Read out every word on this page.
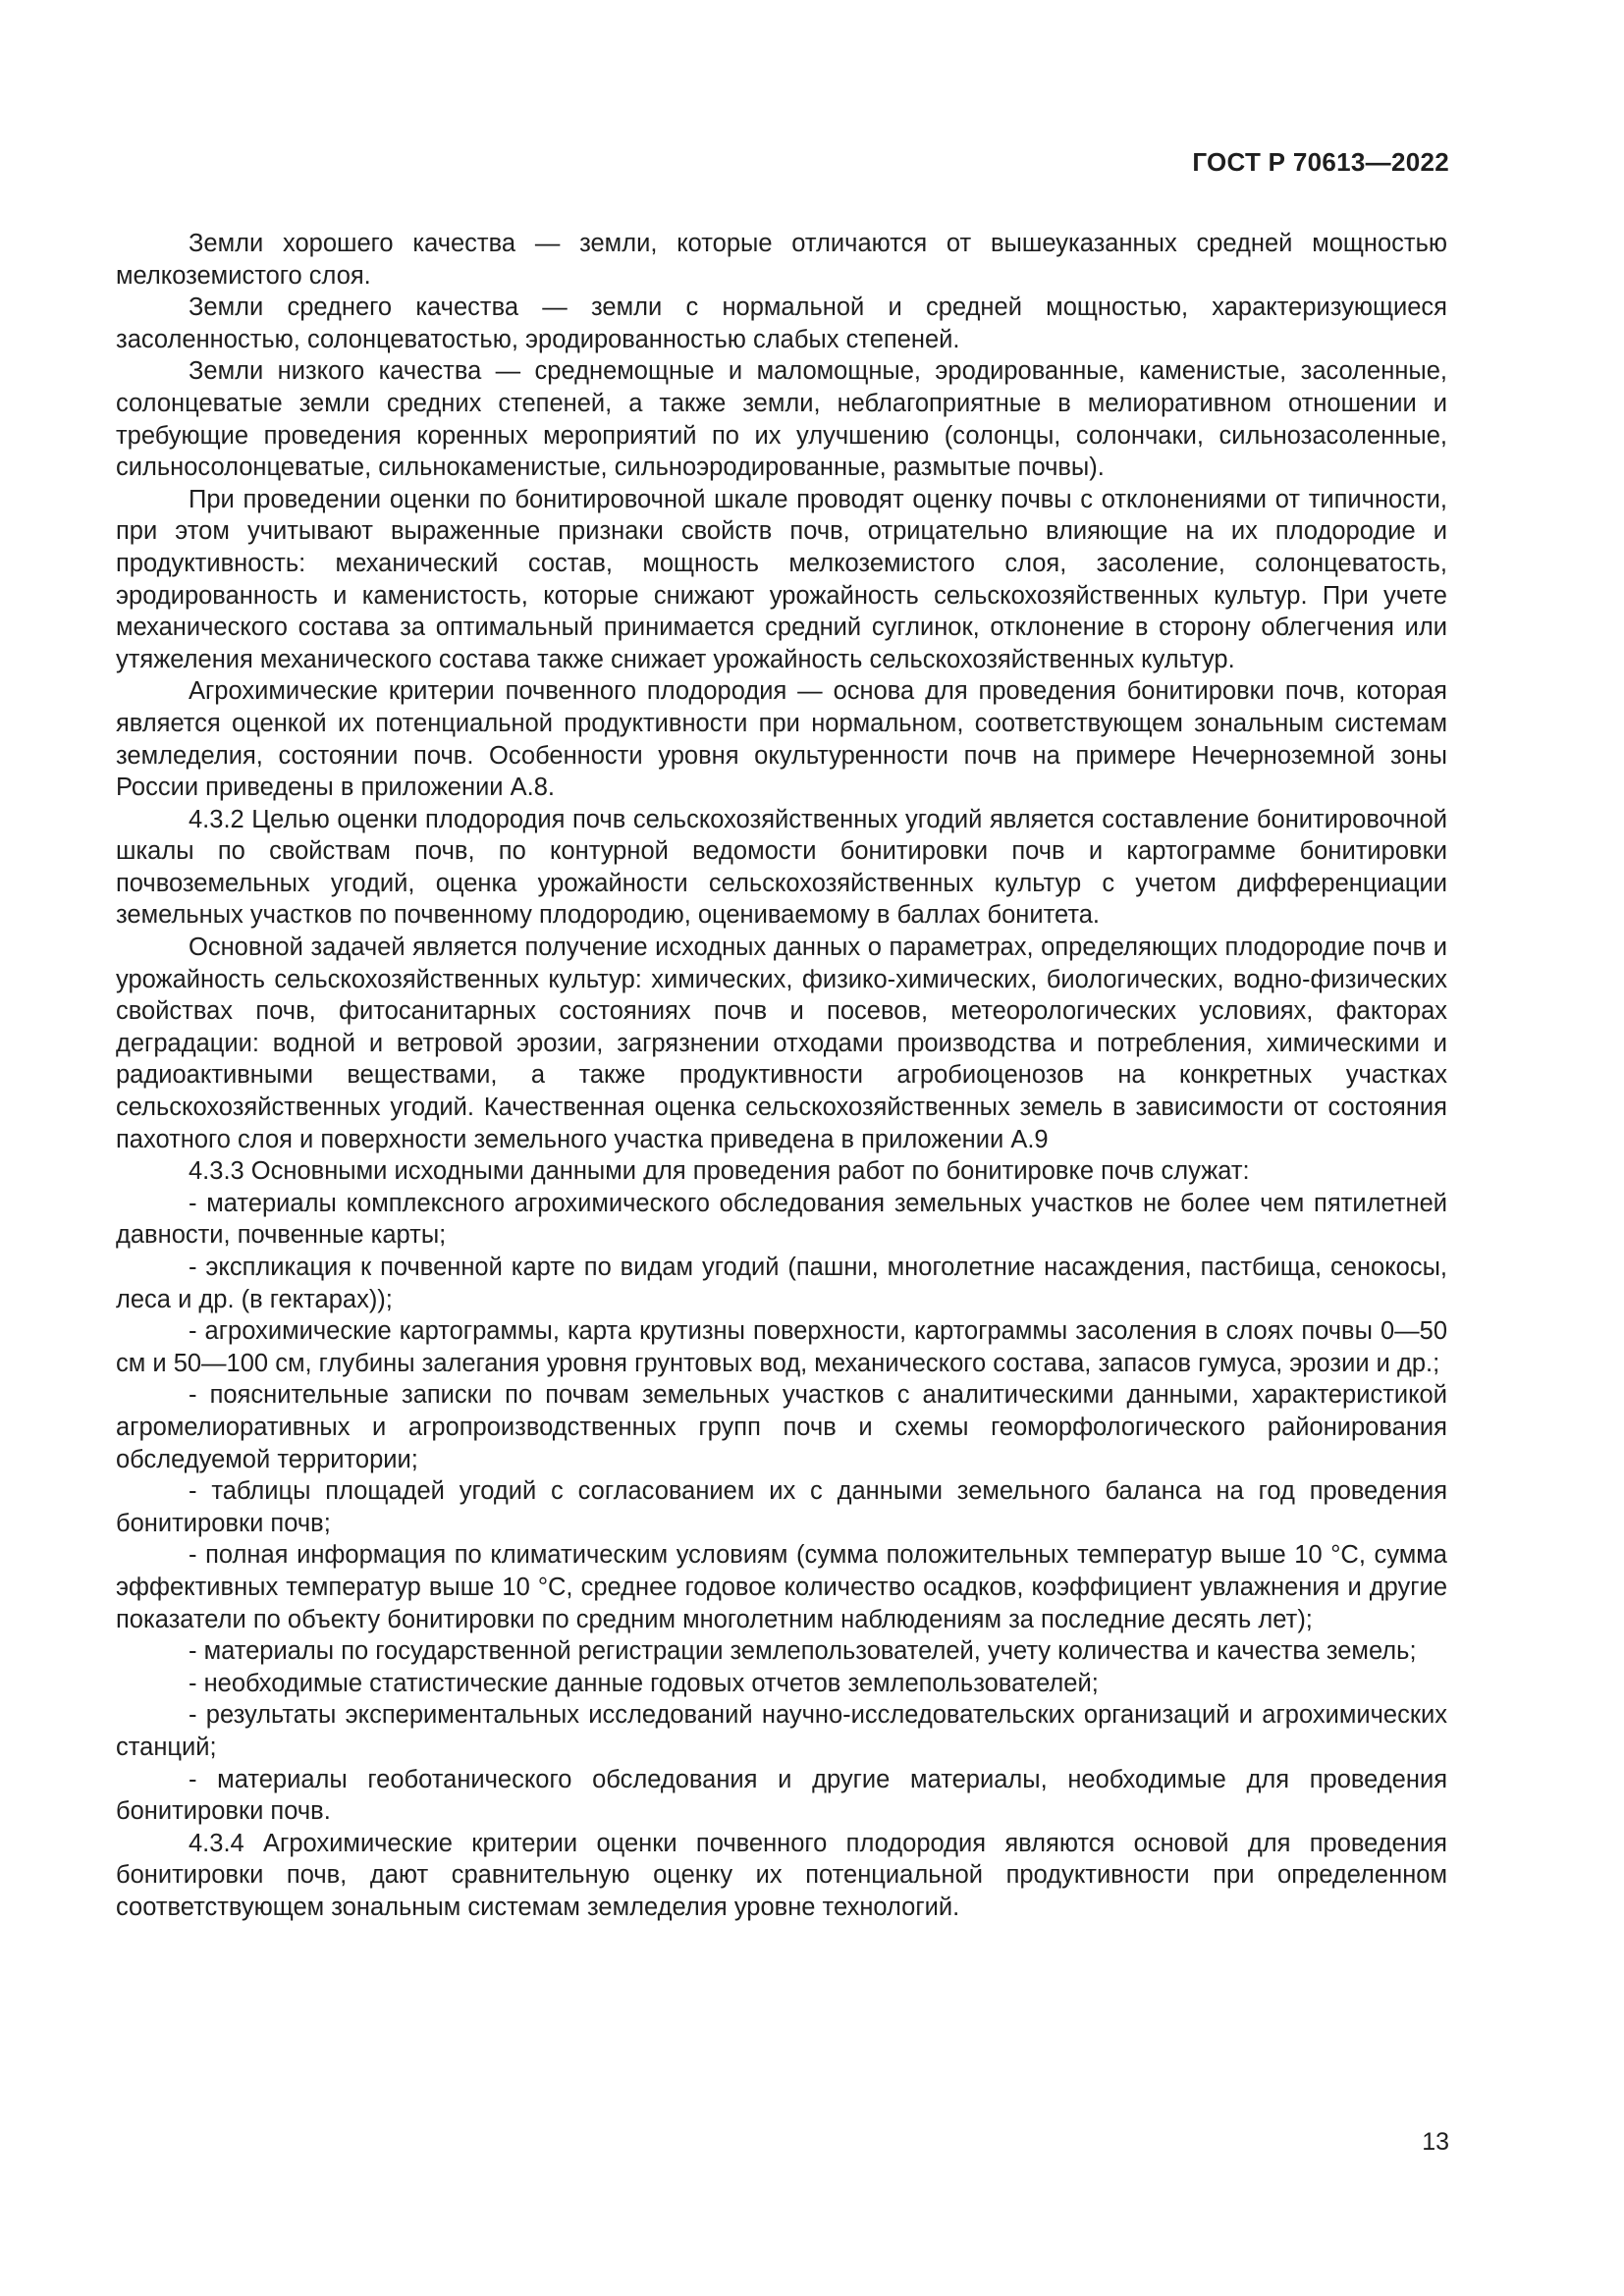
ГОСТ Р 70613—2022

Земли хорошего качества — земли, которые отличаются от вышеуказанных средней мощностью мелкоземистого слоя.

Земли среднего качества — земли с нормальной и средней мощностью, характеризующиеся засоленностью, солонцеватостью, эродированностью слабых степеней.

Земли низкого качества — среднемощные и маломощные, эродированные, каменистые, засоленные, солонцеватые земли средних степеней, а также земли, неблагоприятные в мелиоративном отношении и требующие проведения коренных мероприятий по их улучшению (солонцы, солончаки, сильнозасоленные, сильносолонцеватые, сильнокаменистые, сильноэродированные, размытые почвы).

При проведении оценки по бонитировочной шкале проводят оценку почвы с отклонениями от типичности, при этом учитывают выраженные признаки свойств почв, отрицательно влияющие на их плодородие и продуктивность: механический состав, мощность мелкоземистого слоя, засоление, солонцеватость, эродированность и каменистость, которые снижают урожайность сельскохозяйственных культур. При учете механического состава за оптимальный принимается средний суглинок, отклонение в сторону облегчения или утяжеления механического состава также снижает урожайность сельскохозяйственных культур.

Агрохимические критерии почвенного плодородия — основа для проведения бонитировки почв, которая является оценкой их потенциальной продуктивности при нормальном, соответствующем зональным системам земледелия, состоянии почв. Особенности уровня окультуренности почв на примере Нечерноземной зоны России приведены в приложении А.8.

4.3.2 Целью оценки плодородия почв сельскохозяйственных угодий является составление бонитировочной шкалы по свойствам почв, по контурной ведомости бонитировки почв и картограмме бонитировки почвоземельных угодий, оценка урожайности сельскохозяйственных культур с учетом дифференциации земельных участков по почвенному плодородию, оцениваемому в баллах бонитета.

Основной задачей является получение исходных данных о параметрах, определяющих плодородие почв и урожайность сельскохозяйственных культур: химических, физико-химических, биологических, водно-физических свойствах почв, фитосанитарных состояниях почв и посевов, метеорологических условиях, факторах деградации: водной и ветровой эрозии, загрязнении отходами производства и потребления, химическими и радиоактивными веществами, а также продуктивности агробиоценозов на конкретных участках сельскохозяйственных угодий. Качественная оценка сельскохозяйственных земель в зависимости от состояния пахотного слоя и поверхности земельного участка приведена в приложении А.9

4.3.3 Основными исходными данными для проведения работ по бонитировке почв служат:

- материалы комплексного агрохимического обследования земельных участков не более чем пятилетней давности, почвенные карты;

- экспликация к почвенной карте по видам угодий (пашни, многолетние насаждения, пастбища, сенокосы, леса и др. (в гектарах));

- агрохимические картограммы, карта крутизны поверхности, картограммы засоления в слоях почвы 0—50 см и 50—100 см, глубины залегания уровня грунтовых вод, механического состава, запасов гумуса, эрозии и др.;

- пояснительные записки по почвам земельных участков с аналитическими данными, характеристикой агромелиоративных и агропроизводственных групп почв и схемы геоморфологического районирования обследуемой территории;

- таблицы площадей угодий с согласованием их с данными земельного баланса на год проведения бонитировки почв;

- полная информация по климатическим условиям (сумма положительных температур выше 10 °С, сумма эффективных температур выше 10 °С, среднее годовое количество осадков, коэффициент увлажнения и другие показатели по объекту бонитировки по средним многолетним наблюдениям за последние десять лет);

- материалы по государственной регистрации землепользователей, учету количества и качества земель;

- необходимые статистические данные годовых отчетов землепользователей;

- результаты экспериментальных исследований научно-исследовательских организаций и агрохимических станций;

- материалы геоботанического обследования и другие материалы, необходимые для проведения бонитировки почв.

4.3.4 Агрохимические критерии оценки почвенного плодородия являются основой для проведения бонитировки почв, дают сравнительную оценку их потенциальной продуктивности при определенном соответствующем зональным системам земледелия уровне технологий.

13
